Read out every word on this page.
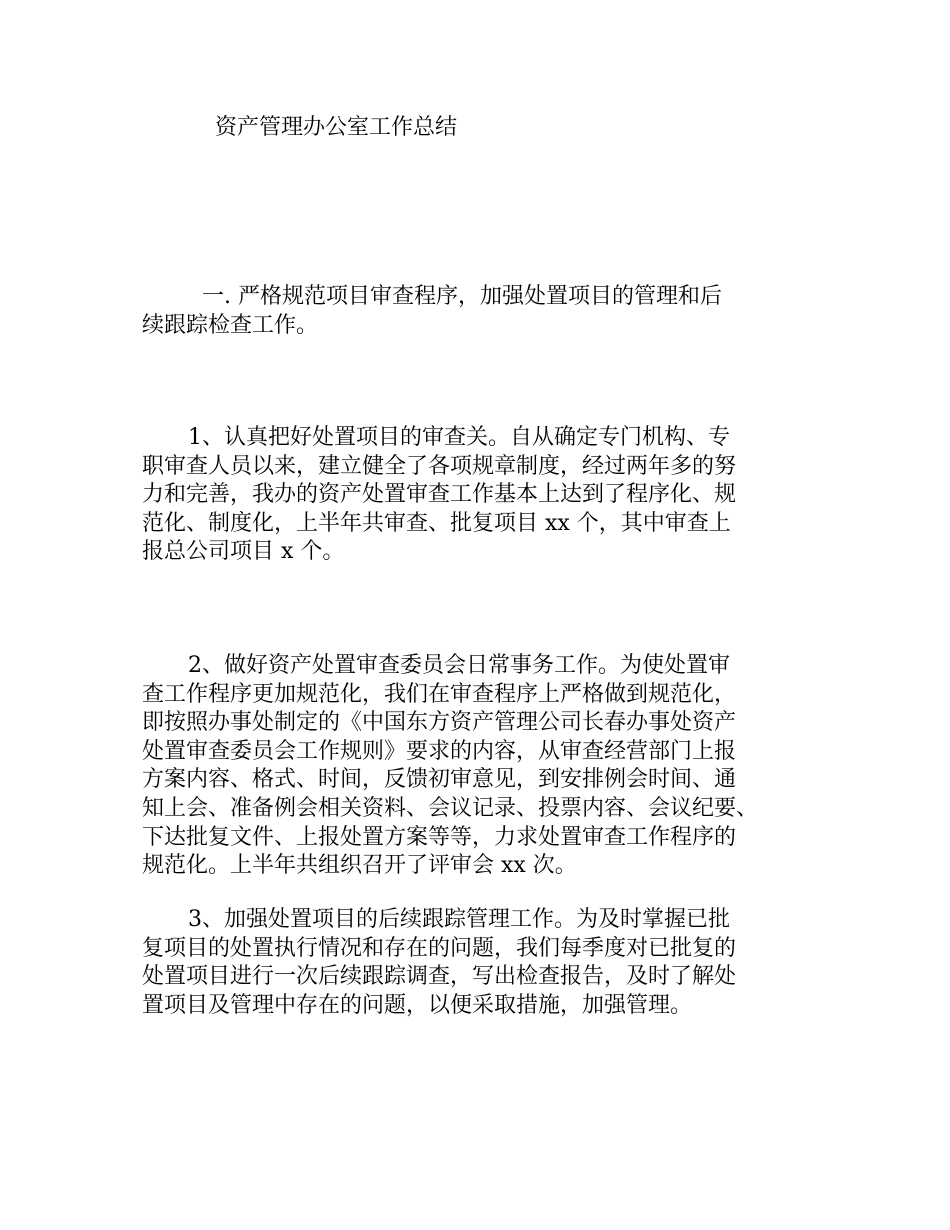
资产管理办公室工作总结
一. 严格规范项目审查程序，加强处置项目的管理和后
续跟踪检查工作。
1、认真把好处置项目的审查关。自从确定专门机构、专
职审查人员以来，建立健全了各项规章制度，经过两年多的努
力和完善，我办的资产处置审查工作基本上达到了程序化、规
范化、制度化，上半年共审查、批复项目 xx 个，其中审查上
报总公司项目 x 个。
2、做好资产处置审查委员会日常事务工作。为使处置审
查工作程序更加规范化，我们在审查程序上严格做到规范化，
即按照办事处制定的《中国东方资产管理公司长春办事处资产
处置审查委员会工作规则》要求的内容，从审查经营部门上报
方案内容、格式、时间，反馈初审意见，到安排例会时间、通
知上会、准备例会相关资料、会议记录、投票内容、会议纪要、
下达批复文件、上报处置方案等等，力求处置审查工作程序的
规范化。上半年共组织召开了评审会 xx 次。
3、加强处置项目的后续跟踪管理工作。为及时掌握已批
复项目的处置执行情况和存在的问题，我们每季度对已批复的
处置项目进行一次后续跟踪调查，写出检查报告，及时了解处
置项目及管理中存在的问题，以便采取措施，加强管理。
